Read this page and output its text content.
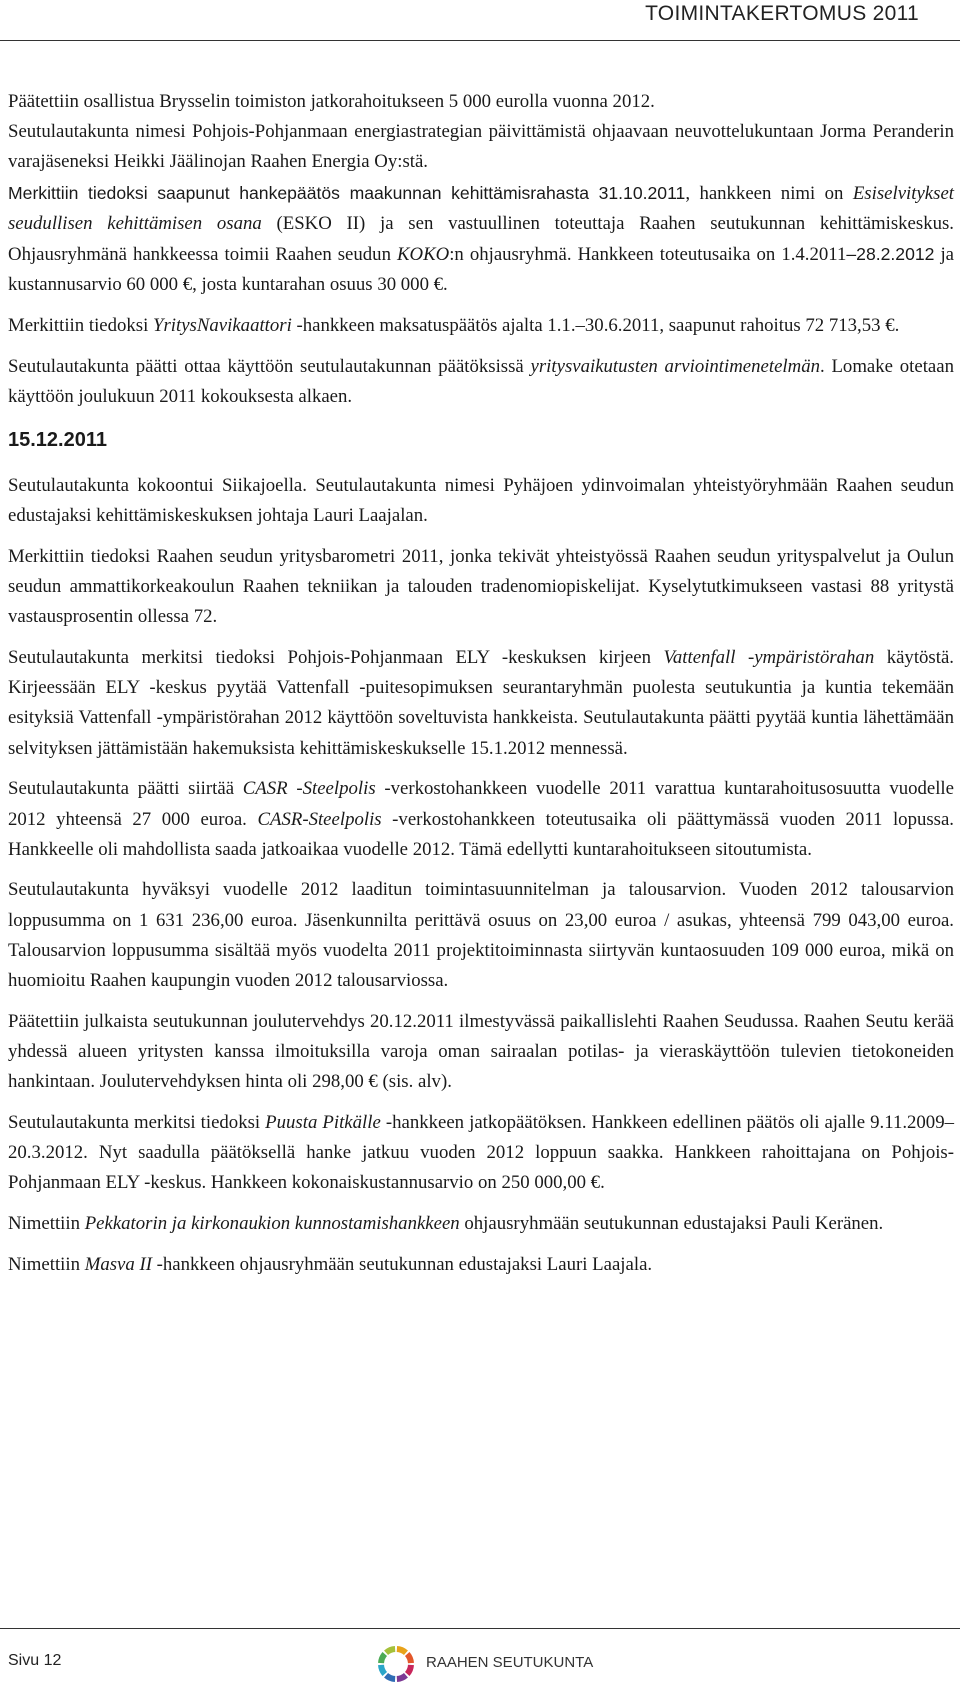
TOIMINTAKERTOMUS 2011

Päätettiin osallistua Brysselin toimiston jatkorahoitukseen 5 000 eurolla vuonna 2012.

Seutulautakunta nimesi Pohjois-Pohjanmaan energiastrategian päivittämistä ohjaavaan neuvottelukuntaan Jorma Peranderin varajäseneksi Heikki Jäälinojan Raahen Energia Oy:stä.

Merkittiin tiedoksi saapunut hankepäätös maakunnan kehittämisrahasta 31.10.2011, hankkeen nimi on Esiselvitykset seudullisen kehittämisen osana (ESKO II) ja sen vastuullinen toteuttaja Raahen seutukunnan kehittämiskeskus. Ohjausryhmänä hankkeessa toimii Raahen seudun KOKO:n ohjausryhmä. Hankkeen toteutusaika on 1.4.2011–28.2.2012 ja kustannusarvio 60 000 €, josta kuntarahan osuus 30 000 €.

Merkittiin tiedoksi YritysNavikaattori -hankkeen maksatuspäätös ajalta 1.1.–30.6.2011, saapunut rahoitus 72 713,53 €.

Seutulautakunta päätti ottaa käyttöön seutulautakunnan päätöksissä yritysvaikutusten arviointimenetelmän. Lomake otetaan käyttöön joulukuun 2011 kokouksesta alkaen.

15.12.2011

Seutulautakunta kokoontui Siikajoella. Seutulautakunta nimesi Pyhäjoen ydinvoimalan yhteistyöryhmään Raahen seudun edustajaksi kehittämiskeskuksen johtaja Lauri Laajalan.

Merkittiin tiedoksi Raahen seudun yritysbarometri 2011, jonka tekivät yhteistyössä Raahen seudun yrityspalvelut ja Oulun seudun ammattikorkeakoulun Raahen tekniikan ja talouden tradenomiopiskelijat. Kyselytutkimukseen vastasi 88 yritystä vastausprosentin ollessa 72.

Seutulautakunta merkitsi tiedoksi Pohjois-Pohjanmaan ELY -keskuksen kirjeen Vattenfall -ympäristörahan käytöstä. Kirjeessään ELY -keskus pyytää Vattenfall -puitesopimuksen seurantaryhmän puolesta seutukuntia ja kuntia tekemään esityksiä Vattenfall -ympäristörahan 2012 käyttöön soveltuvista hankkeista. Seutulautakunta päätti pyytää kuntia lähettämään selvityksen jättämistään hakemuksista kehittämiskeskukselle 15.1.2012 mennessä.

Seutulautakunta päätti siirtää CASR -Steelpolis -verkostohankkeen vuodelle 2011 varattua kuntarahoitusosuutta vuodelle 2012 yhteensä 27 000 euroa. CASR-Steelpolis -verkostohankkeen toteutusaika oli päättymässä vuoden 2011 lopussa. Hankkeelle oli mahdollista saada jatkoaikaa vuodelle 2012. Tämä edellytti kuntarahoitukseen sitoutumista.

Seutulautakunta hyväksyi vuodelle 2012 laaditun toimintasuunnitelman ja talousarvion. Vuoden 2012 talousarvion loppusumma on 1 631 236,00 euroa. Jäsenkunnilta perittävä osuus on 23,00 euroa / asukas, yhteensä 799 043,00 euroa. Talousarvion loppusumma sisältää myös vuodelta 2011 projektitoiminnasta siirtyvän kuntaosuuden 109 000 euroa, mikä on huomioitu Raahen kaupungin vuoden 2012 talousarviossa.

Päätettiin julkaista seutukunnan joulutervehdys 20.12.2011 ilmestyvässä paikallislehti Raahen Seudussa. Raahen Seutu kerää yhdessä alueen yritysten kanssa ilmoituksilla varoja oman sairaalan potilas- ja vieraskäyttöön tulevien tietokoneiden hankintaan. Joulutervehdyksen hinta oli 298,00 € (sis. alv).

Seutulautakunta merkitsi tiedoksi Puusta Pitkälle -hankkeen jatkopäätöksen. Hankkeen edellinen päätös oli ajalle 9.11.2009–20.3.2012. Nyt saadulla päätöksellä hanke jatkuu vuoden 2012 loppuun saakka. Hankkeen rahoittajana on Pohjois-Pohjanmaan ELY -keskus. Hankkeen kokonaiskustannusarvio on 250 000,00 €.

Nimettiin Pekkatorin ja kirkonaukion kunnostamishankkeen ohjausryhmään seutukunnan edustajaksi Pauli Keränen.

Nimettiin Masva II -hankkeen ohjausryhmään seutukunnan edustajaksi Lauri Laajala.

Sivu 12	RAAHEN SEUTUKUNTA
